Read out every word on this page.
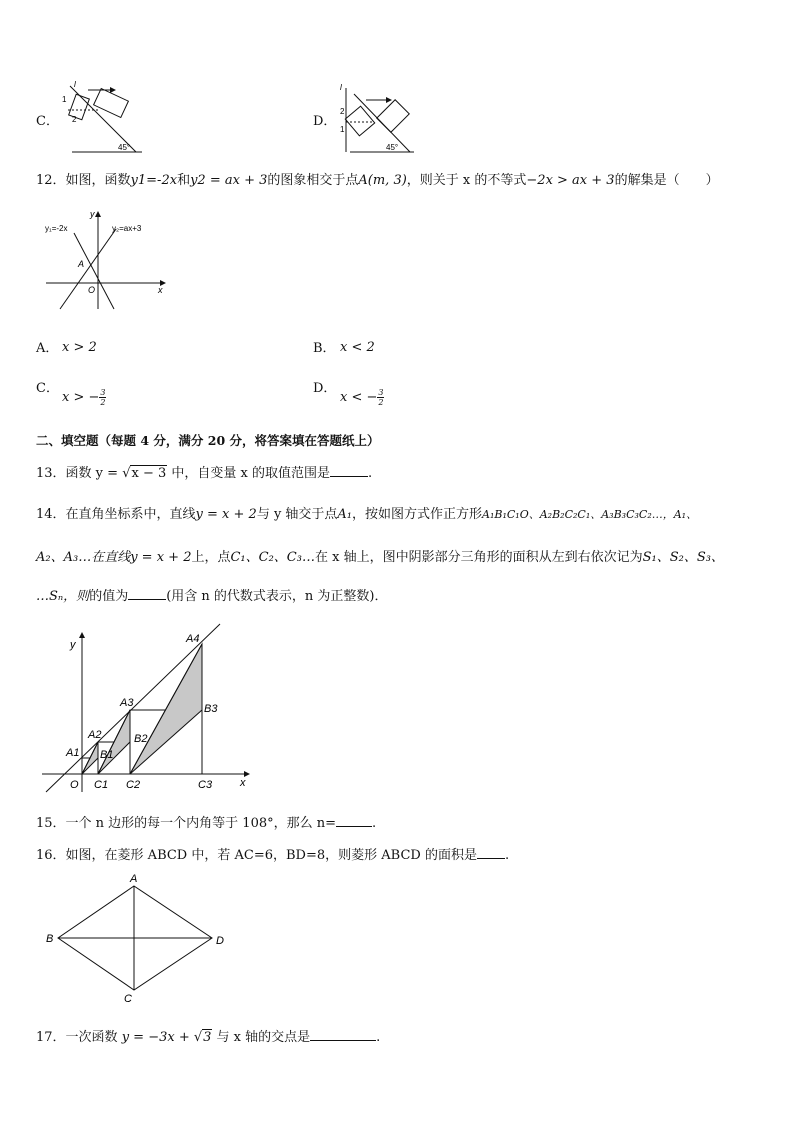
C．
l
1
2
45°
D．
l
2
1
45°
12．如图，函数y1=-2x和y2 = ax + 3的图象相交于点A(m, 3)，则关于 x 的不等式−2x > ax + 3的解集是（　　）
y₁=-2x	y₂=ax+3
y
x
O
A
A． x > 2	B． x < 2
C．
x > − $\frac{3}{2}$	D．
x < − $\frac{3}{2}$
二、填空题（每题 4 分，满分 20 分，将答案填在答题纸上）
13．函数 y = √x − 3 中，自变量 x 的取值范围是	.
14．在直角坐标系中，直线y = x + 2与 y 轴交于点A₁，按如图方式作正方形A₁B₁C₁O、A₂B₂C₂C₁、A₃B₃C₃C₂…，A₁、
A₂、A₃…在直线y = x + 2上，点C₁、C₂、C₃…在 x 轴上，图中阴影部分三角形的面积从左到右依次记为S₁、S₂、S₃、
…Sₙ，则的值为	(用含 n 的代数式表示，n 为正整数)．
y
x
O
A1
A2
A3
A4
B1
B2
B3
C1 C2	C3
15．一个 n 边形的每一个内角等于 108°，那么 n=	.
16．如图，在菱形 ABCD 中，若 AC=6，BD=8，则菱形 ABCD 的面积是 .
A
B	D
C
17．一次函数 y = −3x + √3 与 x 轴的交点是	.
